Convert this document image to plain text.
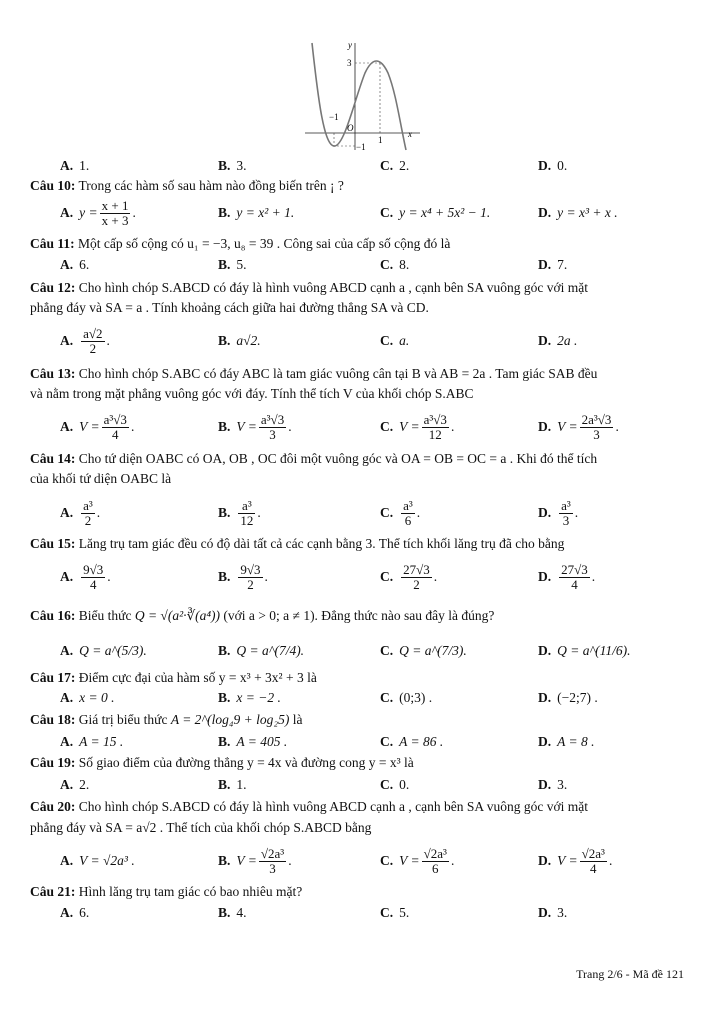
y
x
3
−1
O
1
−1
A. 1.	B. 3.	C. 2.	D. 0.
Câu 10: Trong các hàm số sau hàm nào đồng biến trên ¡ ?
A. $y = \frac{x + 1}{x + 3}$ .	B. y = x² + 1.	C. y = x⁴ + 5x² − 1.	D. y = x³ + x .
Câu 11: Một cấp số cộng có u₁ = −3, u₈ = 39 . Công sai của cấp số cộng đó là
A. 6.	B. 5.	C. 8.	D. 7.
Câu 12: Cho hình chóp S.ABCD có đáy là hình vuông ABCD cạnh a , cạnh bên SA vuông góc với mặt
phẳng đáy và SA = a . Tính khoảng cách giữa hai đường thẳng SA và CD.
A. $\frac{a√2}{2}$ .	B. a√2.	C. a.	D. 2a .
Câu 13: Cho hình chóp S.ABC có đáy ABC là tam giác vuông cân tại B và AB = 2a . Tam giác SAB đều
và nằm trong mặt phẳng vuông góc với đáy. Tính thể tích V của khối chóp S.ABC
A. $V = \frac{\text{a³√3}}{4}$ .	B. $V = \frac{\text{a³√3}}{3}$ .	C. $V = \frac{\text{a³√3}}{12}$ .	D. $V = \frac{\text{2a³√3}}{3}$ .
Câu 14: Cho tứ diện OABC có OA, OB , OC đôi một vuông góc và OA = OB = OC = a . Khi đó thể tích
của khối tứ diện OABC là
A. $\frac{\text{a³}}{2}$ .	B. $\frac{\text{a³}}{12}$ .	C. $\frac{\text{a³}}{6}$ .	D. $\frac{\text{a³}}{3}$ .
Câu 15: Lăng trụ tam giác đều có độ dài tất cả các cạnh bằng 3. Thể tích khối lăng trụ đã cho bằng
A. $\frac{9√3}{4}$ .	B. $\frac{9√3}{2}$ .	C. $\frac{27√3}{2}$ .	D. $\frac{27√3}{4}$ .
Câu 16: Biểu thức Q = √(a²·∛(a⁴)) (với a > 0; a ≠ 1). Đẳng thức nào sau đây là đúng?
A. Q = a^(5/3).	B. Q = a^(7/4).	C. Q = a^(7/3).	D. Q = a^(11/6).
Câu 17: Điểm cực đại của hàm số y = x³ + 3x² + 3 là
A. x = 0 .	B. x = −2 .	C. (0;3) .	D. (−2;7) .
Câu 18: Giá trị biểu thức A = 2^(log₄9 + log₂5) là
A. A = 15 .	B. A = 405 .	C. A = 86 .	D. A = 8 .
Câu 19: Số giao điểm của đường thẳng y = 4x và đường cong y = x³ là
A. 2.	B. 1.	C. 0.	D. 3.
Câu 20: Cho hình chóp S.ABCD có đáy là hình vuông ABCD cạnh a , cạnh bên SA vuông góc với mặt
phẳng đáy và SA = a√2 . Thể tích của khối chóp S.ABCD bằng
A. V = √2a³ .	B. $V = \frac{\text{√2a³}}{3}$ .	C. $V = \frac{\text{√2a³}}{6}$ .	D. $V = \frac{\text{√2a³}}{4}$ .
Câu 21: Hình lăng trụ tam giác có bao nhiêu mặt?
A. 6.	B. 4.	C. 5.	D. 3.
Trang 2/6 - Mã đề 121
